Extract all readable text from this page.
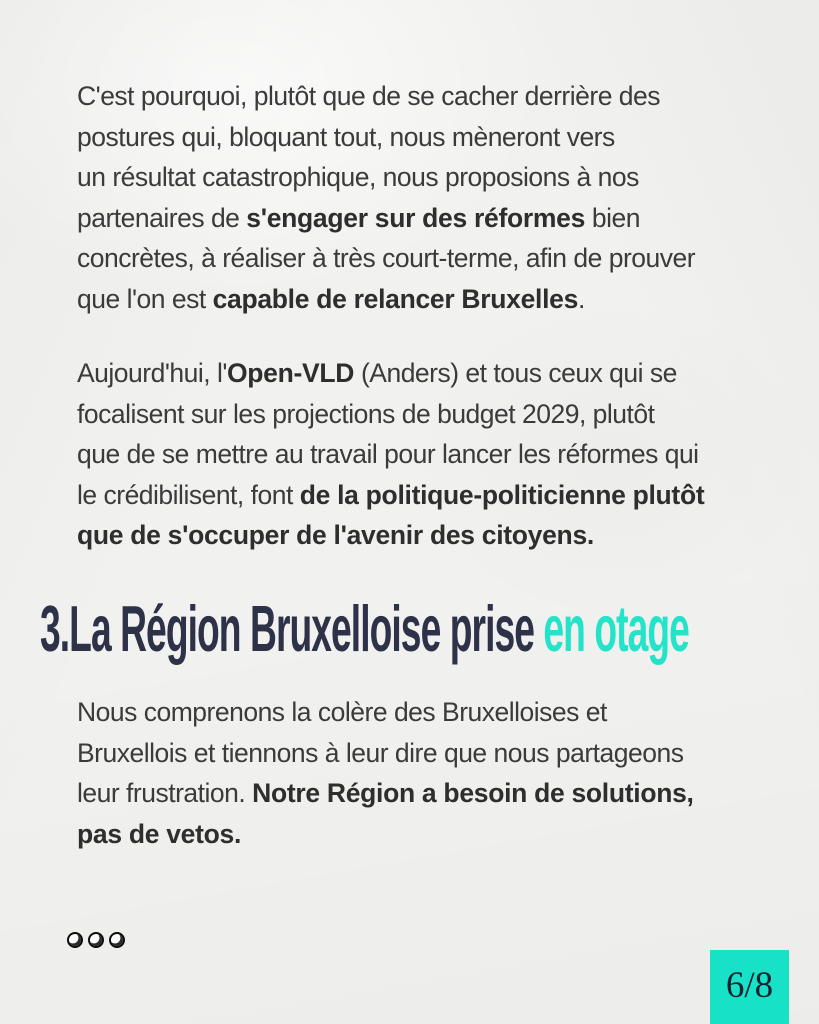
C'est pourquoi, plutôt que de se cacher derrière des
postures qui, bloquant tout, nous mèneront vers
un résultat catastrophique, nous proposions à nos
partenaires de s'engager sur des réformes bien
concrètes, à réaliser à très court-terme, afin de prouver
que l'on est capable de relancer Bruxelles.
Aujourd'hui, l'Open-VLD (Anders) et tous ceux qui se
focalisent sur les projections de budget 2029, plutôt
que de se mettre au travail pour lancer les réformes qui
le crédibilisent, font de la politique-politicienne plutôt
que de s'occuper de l'avenir des citoyens.
3.La Région Bruxelloise prise en otage
Nous comprenons la colère des Bruxelloises et
Bruxellois et tiennons à leur dire que nous partageons
leur frustration. Notre Région a besoin de solutions,
pas de vetos.
6/8
